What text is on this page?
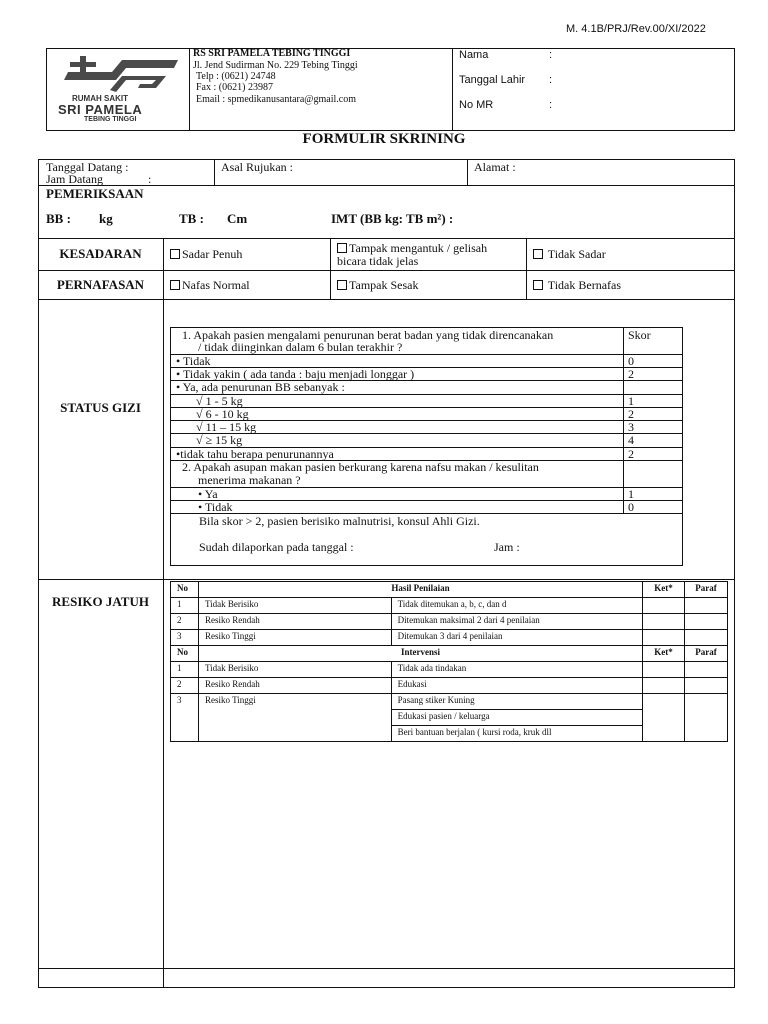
M. 4.1B/PRJ/Rev.00/XI/2022
RUMAH SAKIT
SRI PAMELA
TEBING TINGGI
RS SRI PAMELA TEBING TINGGI
Jl. Jend Sudirman No. 229 Tebing Tinggi
Telp : (0621) 24748
Fax : (0621) 23987
Email : spmedikanusantara@gmail.com
Nama	:
Tanggal Lahir :
No MR	:
FORMULIR SKRINING
Tanggal Datang :
Jam Datang	:
Asal Rujukan :	Alamat :
PEMERIKSAAN
BB : kg	TB : Cm	IMT (BB kg: TB m²) :
KESADARAN	Sadar Penuh	Tampak mengantuk / gelisah
bicara tidak jelas	Tidak Sadar
PERNAFASAN	Nafas Normal	Tampak Sesak	Tidak Bernafas
STATUS GIZI
1. Apakah pasien mengalami penurunan berat badan yang tidak direncanakan
/ tidak diinginkan dalam 6 bulan terakhir ?
Skor
• Tidak	0
• Tidak yakin ( ada tanda : baju menjadi longgar )	2
• Ya, ada penurunan BB sebanyak :
√ 1 - 5 kg	1
√ 6 - 10 kg	2
√ 11 – 15 kg	3
√ ≥ 15 kg	4
•tidak tahu berapa penurunannya	2
2. Apakah asupan makan pasien berkurang karena nafsu makan / kesulitan
menerima makanan ?
• Ya	1
• Tidak	0
Bila skor > 2, pasien berisiko malnutrisi, konsul Ahli Gizi.
Sudah dilaporkan pada tanggal :	Jam :
RESIKO JATUH
No	Hasil Penilaian		Ket*	Paraf
1	Tidak Berisiko	Tidak ditemukan a, b, c, dan d		
2	Resiko Rendah	Ditemukan maksimal 2 dari 4 penilaian		
3	Resiko Tinggi	Ditemukan 3 dari 4 penilaian		
No	Intervensi		Ket*	Paraf
1	Tidak Berisiko	Tidak ada tindakan		
2	Resiko Rendah	Edukasi		
3	Resiko Tinggi	Pasang stiker Kuning		
		Edukasi pasien / keluarga		
		Beri bantuan berjalan ( kursi roda, kruk dll		
